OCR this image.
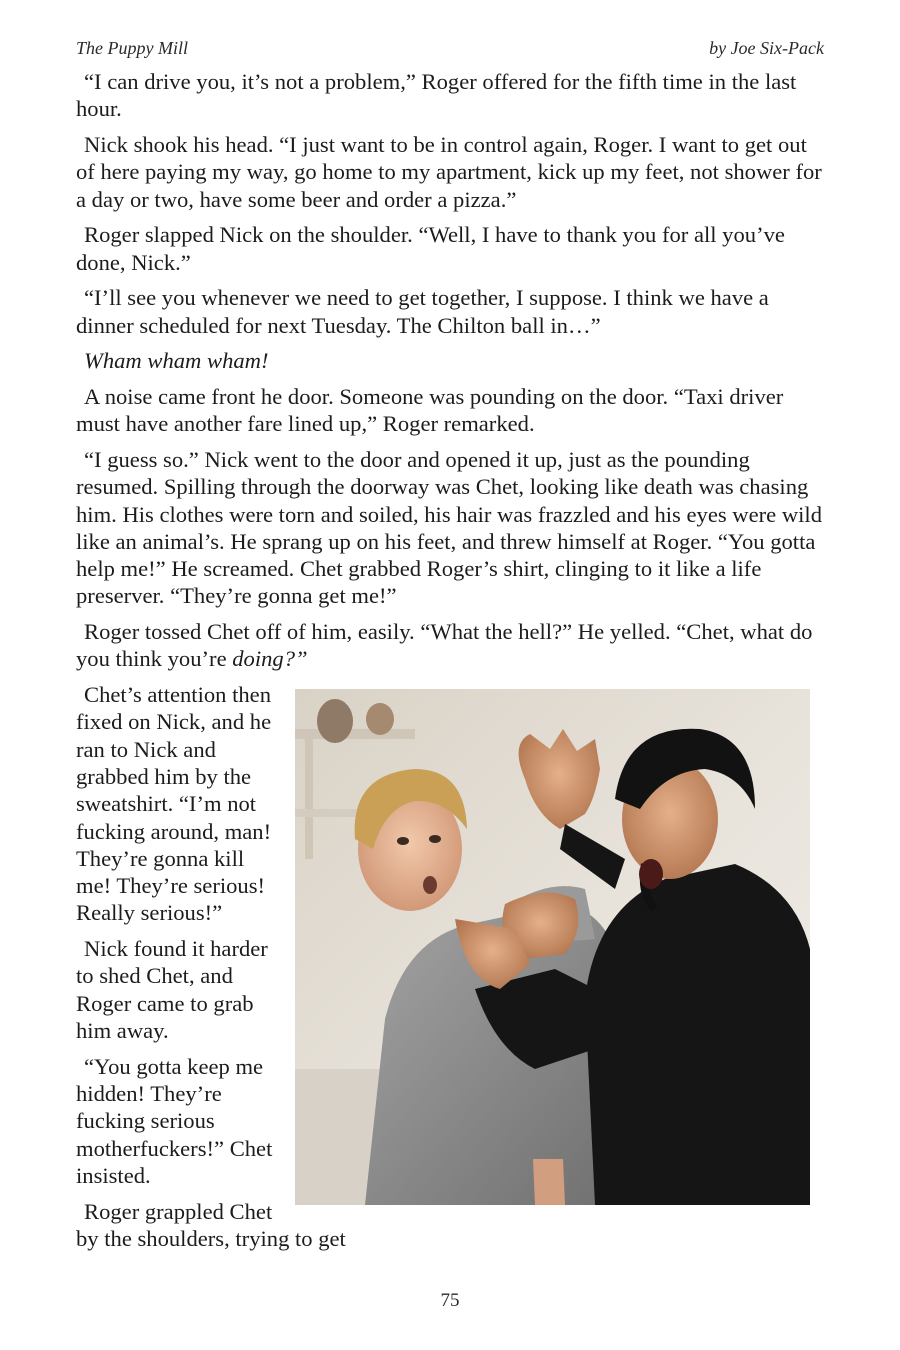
The Puppy Mill	by Joe Six-Pack

“I can drive you, it’s not a problem,” Roger offered for the fifth time in the last hour.

Nick shook his head. “I just want to be in control again, Roger. I want to get out of here paying my way, go home to my apartment, kick up my feet, not shower for a day or two, have some beer and order a pizza.”

Roger slapped Nick on the shoulder. “Well, I have to thank you for all you’ve done, Nick.”

“I’ll see you whenever we need to get together, I suppose. I think we have a dinner scheduled for next Tuesday. The Chilton ball in…”

Wham wham wham!

A noise came front he door. Someone was pounding on the door. “Taxi driver must have another fare lined up,” Roger remarked.

“I guess so.” Nick went to the door and opened it up, just as the pounding resumed. Spilling through the doorway was Chet, looking like death was chasing him. His clothes were torn and soiled, his hair was frazzled and his eyes were wild like an animal’s. He sprang up on his feet, and threw himself at Roger. “You gotta help me!” He screamed. Chet grabbed Roger’s shirt, clinging to it like a life preserver. “They’re gonna get me!”

Roger tossed Chet off of him, easily. “What the hell?” He yelled. “Chet, what do you think you’re doing?”

Chet’s attention then fixed on Nick, and he ran to Nick and grabbed him by the sweatshirt. “I’m not fucking around, man! They’re gonna kill me! They’re serious! Really serious!”

Nick found it harder to shed Chet, and Roger came to grab him away.

“You gotta keep me hidden! They’re fucking serious motherfuckers!” Chet insisted.

Roger grappled Chet by the shoulders, trying to get

75
